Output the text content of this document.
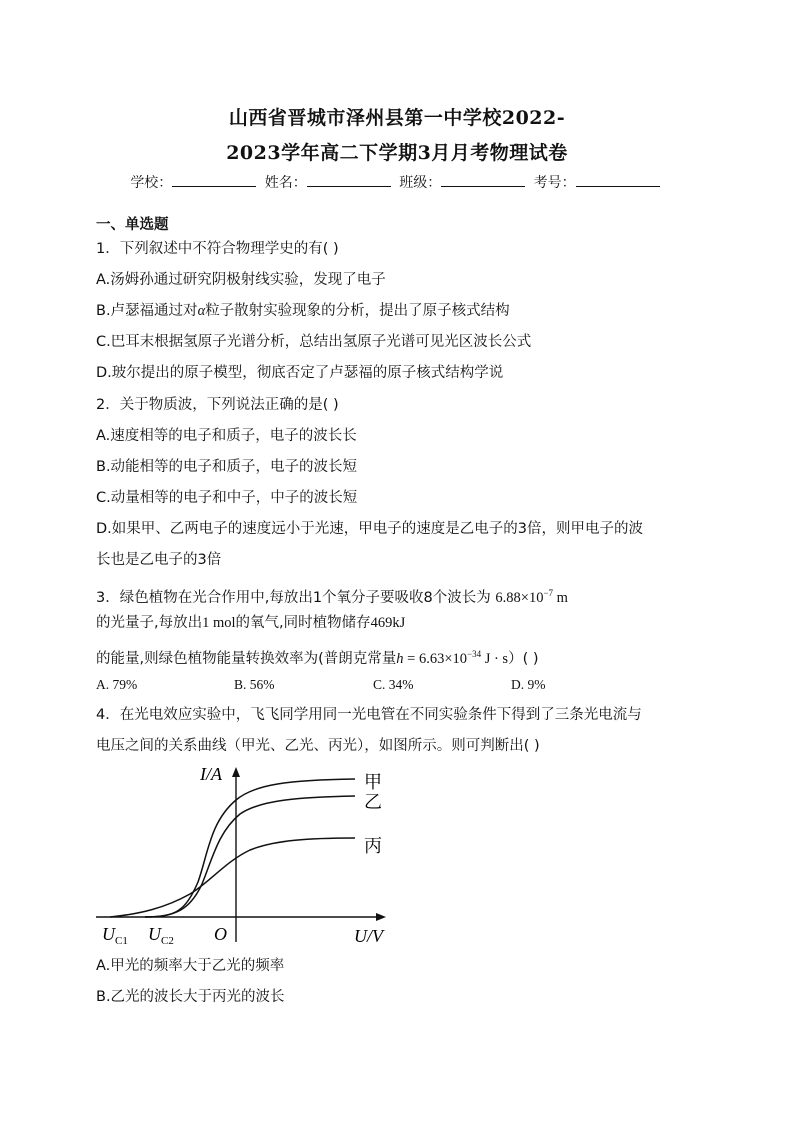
山西省晋城市泽州县第一中学校2022-
2023学年高二下学期3月月考物理试卷
学校：	姓名：	班级：	考号：
一、单选题
1．下列叙述中不符合物理学史的有( )
A.汤姆孙通过研究阴极射线实验，发现了电子
B.卢瑟福通过对α粒子散射实验现象的分析，提出了原子核式结构
C.巴耳末根据氢原子光谱分析，总结出氢原子光谱可见光区波长公式
D.玻尔提出的原子模型，彻底否定了卢瑟福的原子核式结构学说
2．关于物质波，下列说法正确的是( )
A.速度相等的电子和质子，电子的波长长
B.动能相等的电子和质子，电子的波长短
C.动量相等的电子和中子，中子的波长短
D.如果甲、乙两电子的速度远小于光速，甲电子的速度是乙电子的3倍，则甲电子的波
长也是乙电子的3倍
3．绿色植物在光合作用中,每放出1个氧分子要吸收8个波长为 $6.88\times 10^{-7}$ m
的光量子,每放出1 mol的氧气,同时植物储存469kJ
的能量,则绿色植物能量转换效率为(普朗克常量$h = 6.63\times 10^{-34}$ J · s）( )
A. 79%	B. 56%	C. 34%	D. 9%
4．在光电效应实验中，飞飞同学用同一光电管在不同实验条件下得到了三条光电流与
电压之间的关系曲线（甲光、乙光、丙光），如图所示。则可判断出( )
I/A	甲
乙
丙
$U_{C1}$ $U_{C2}$ O	U/V
A.甲光的频率大于乙光的频率
B.乙光的波长大于丙光的波长
